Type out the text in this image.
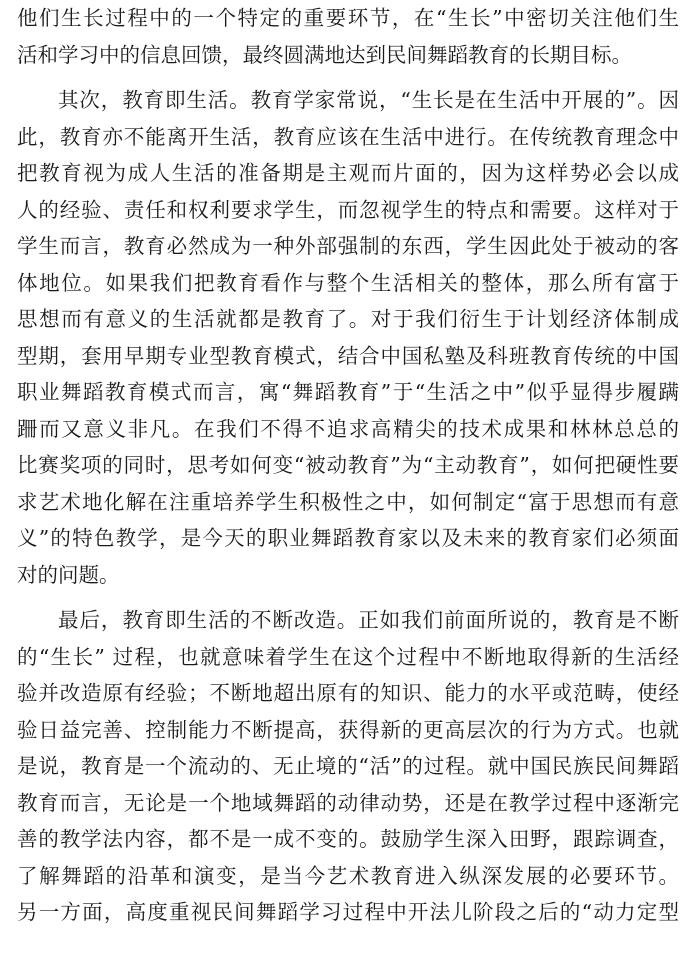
他们生长过程中的一个特定的重要环节，在“生长”中密切关注他们生
活和学习中的信息回馈，最终圆满地达到民间舞蹈教育的长期目标。
其次，教育即生活。教育学家常说，“生长是在生活中开展的”。因
此，教育亦不能离开生活，教育应该在生活中进行。在传统教育理念中
把教育视为成人生活的准备期是主观而片面的，因为这样势必会以成
人的经验、责任和权利要求学生，而忽视学生的特点和需要。这样对于
学生而言，教育必然成为一种外部强制的东西，学生因此处于被动的客
体地位。如果我们把教育看作与整个生活相关的整体，那么所有富于
思想而有意义的生活就都是教育了。对于我们衍生于计划经济体制成
型期，套用早期专业型教育模式，结合中国私塾及科班教育传统的中国
职业舞蹈教育模式而言，寓“舞蹈教育”于“生活之中”似乎显得步履蹒
跚而又意义非凡。在我们不得不追求高精尖的技术成果和林林总总的
比赛奖项的同时，思考如何变“被动教育”为“主动教育”，如何把硬性要
求艺术地化解在注重培养学生积极性之中，如何制定“富于思想而有意
义”的特色教学，是今天的职业舞蹈教育家以及未来的教育家们必须面
对的问题。
最后，教育即生活的不断改造。正如我们前面所说的，教育是不断
的“生长” 过程，也就意味着学生在这个过程中不断地取得新的生活经
验并改造原有经验；不断地超出原有的知识、能力的水平或范畴，使经
验日益完善、控制能力不断提高，获得新的更高层次的行为方式。也就
是说，教育是一个流动的、无止境的“活”的过程。就中国民族民间舞蹈
教育而言，无论是一个地域舞蹈的动律动势，还是在教学过程中逐渐完
善的教学法内容，都不是一成不变的。鼓励学生深入田野，跟踪调查，
了解舞蹈的沿革和演变，是当今艺术教育进入纵深发展的必要环节。
另一方面，高度重视民间舞蹈学习过程中开法儿阶段之后的“动力定型
